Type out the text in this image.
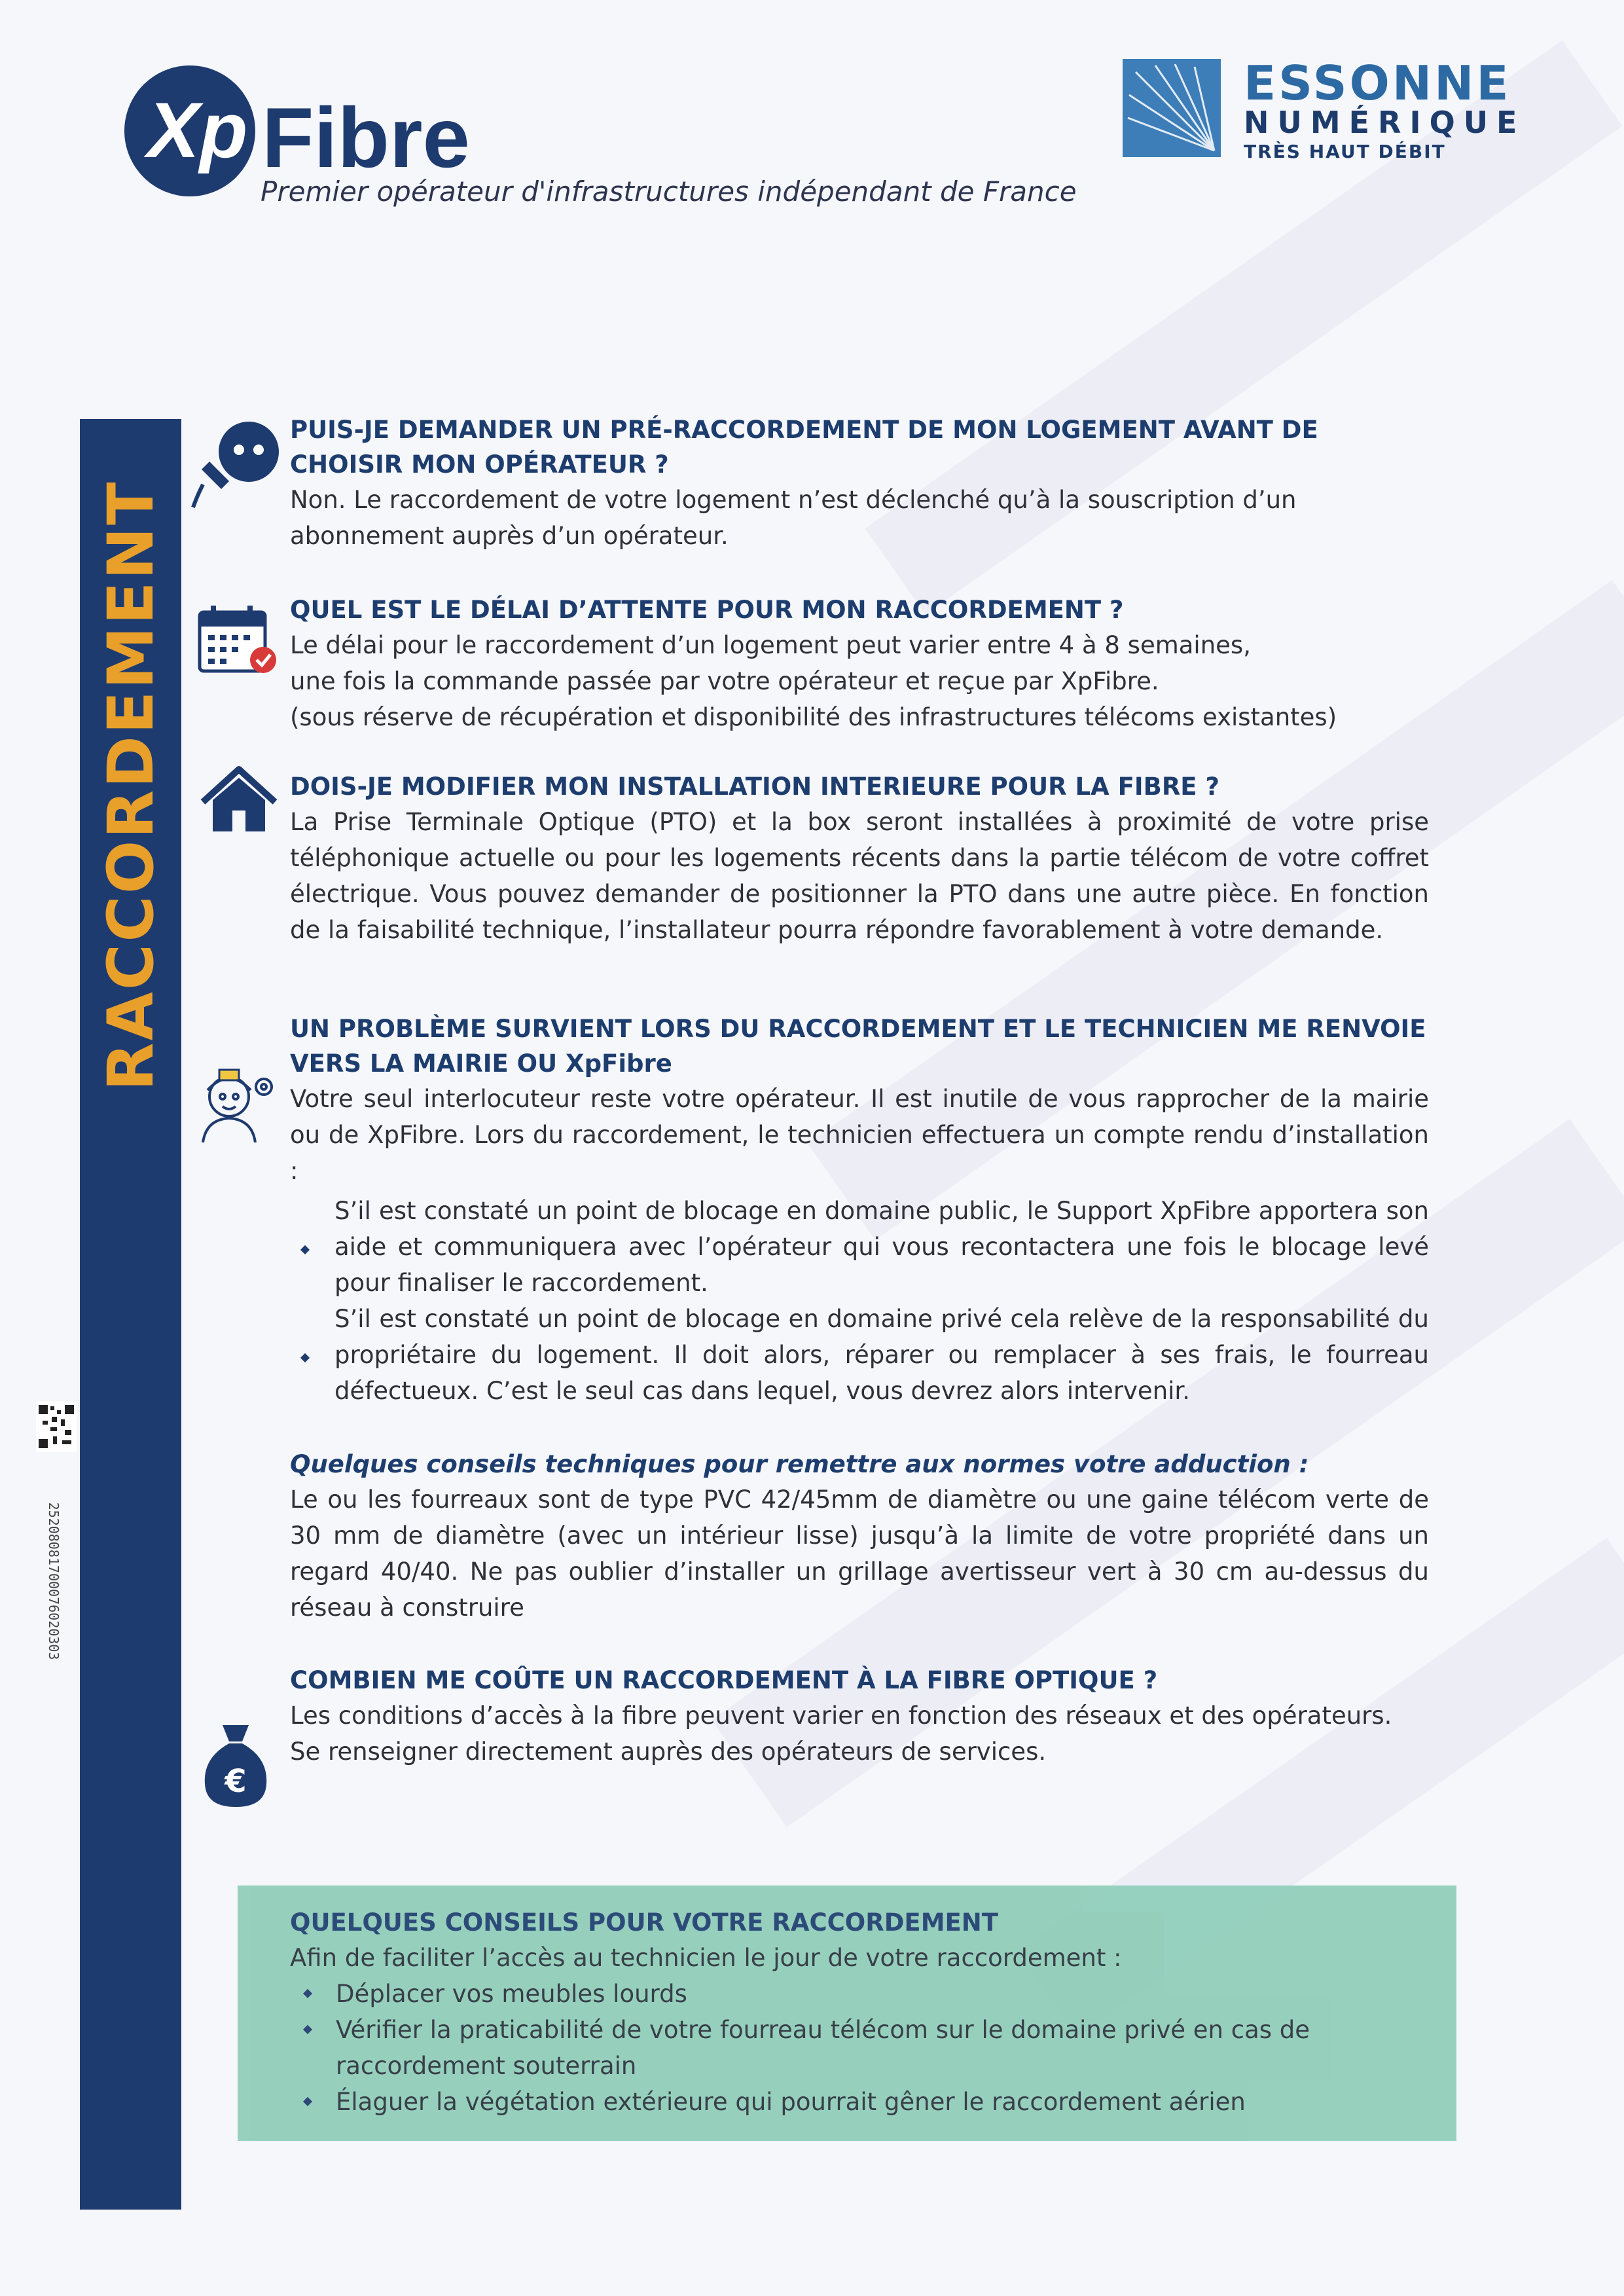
Xp Fibre
Premier opérateur d'infrastructures indépendant de France
ESSONNE
NUMÉRIQUE
TRÈS HAUT DÉBIT
RACCORDEMENT
25208081700076020303
€

PUIS-JE DEMANDER UN PRÉ-RACCORDEMENT DE MON LOGEMENT AVANT DE CHOISIR MON OPÉRATEUR ?

Non. Le raccordement de votre logement n’est déclenché qu’à la souscription d’un abonnement auprès d’un opérateur.

QUEL EST LE DÉLAI D’ATTENTE POUR MON RACCORDEMENT ?

Le délai pour le raccordement d’un logement peut varier entre 4 à 8 semaines,

une fois la commande passée par votre opérateur et reçue par XpFibre.

(sous réserve de récupération et disponibilité des infrastructures télécoms existantes)

DOIS-JE MODIFIER MON INSTALLATION INTERIEURE POUR LA FIBRE ?

La Prise Terminale Optique (PTO) et la box seront installées à proximité de votre prise téléphonique actuelle ou pour les logements récents dans la partie télécom de votre coffret électrique. Vous pouvez demander de positionner la PTO dans une autre pièce. En fonction de la faisabilité technique, l’installateur pourra répondre favorablement à votre demande.

UN PROBLÈME SURVIENT LORS DU RACCORDEMENT ET LE TECHNICIEN ME RENVOIE VERS LA MAIRIE OU XpFibre

Votre seul interlocuteur reste votre opérateur. Il est inutile de vous rapprocher de la mairie ou de XpFibre. Lors du raccordement, le technicien effectuera un compte rendu d’installation :

S’il est constaté un point de blocage en domaine public, le Support XpFibre apportera son aide et communiquera avec l’opérateur qui vous recontactera une fois le blocage levé pour finaliser le raccordement.

S’il est constaté un point de blocage en domaine privé cela relève de la responsabilité du propriétaire du logement. Il doit alors, réparer ou remplacer à ses frais, le fourreau défectueux. C’est le seul cas dans lequel, vous devrez alors intervenir.

Quelques conseils techniques pour remettre aux normes votre adduction :

Le ou les fourreaux sont de type PVC 42/45mm de diamètre ou une gaine télécom verte de 30 mm de diamètre (avec un intérieur lisse) jusqu’à la limite de votre propriété dans un regard 40/40. Ne pas oublier d’installer un grillage avertisseur vert à 30 cm au-dessus du réseau à construire

COMBIEN ME COÛTE UN RACCORDEMENT À LA FIBRE OPTIQUE ?

Les conditions d’accès à la fibre peuvent varier en fonction des réseaux et des opérateurs.

Se renseigner directement auprès des opérateurs de services.

QUELQUES CONSEILS POUR VOTRE RACCORDEMENT

Afin de faciliter l’accès au technicien le jour de votre raccordement :

Déplacer vos meubles lourds
Vérifier la praticabilité de votre fourreau télécom sur le domaine privé en cas de raccordement souterrain
Élaguer la végétation extérieure qui pourrait gêner le raccordement aérien
